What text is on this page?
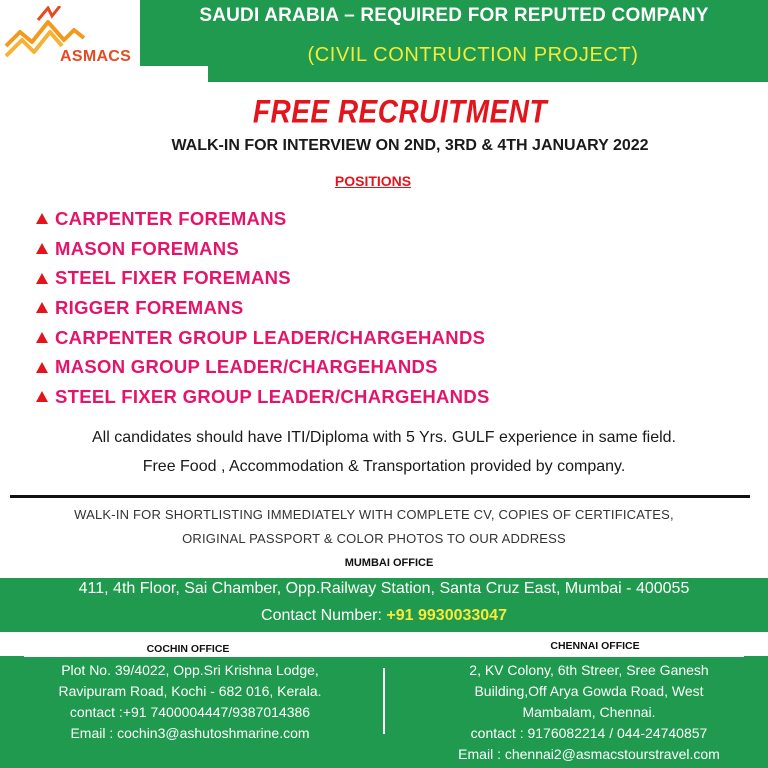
ASMACS
SAUDI ARABIA – REQUIRED FOR REPUTED COMPANY
(CIVIL CONTRUCTION PROJECT)
FREE RECRUITMENT
WALK-IN FOR INTERVIEW ON 2ND, 3RD & 4TH JANUARY 2022
POSITIONS
CARPENTER FOREMANS
MASON FOREMANS
STEEL FIXER FOREMANS
RIGGER FOREMANS
CARPENTER GROUP LEADER/CHARGEHANDS
MASON GROUP LEADER/CHARGEHANDS
STEEL FIXER GROUP LEADER/CHARGEHANDS
All candidates should have ITI/Diploma with 5 Yrs. GULF experience in same field.
Free Food , Accommodation & Transportation provided by company.
WALK-IN FOR SHORTLISTING IMMEDIATELY WITH COMPLETE CV, COPIES OF CERTIFICATES,
ORIGINAL PASSPORT & COLOR PHOTOS TO OUR ADDRESS
MUMBAI OFFICE
411, 4th Floor, Sai Chamber, Opp.Railway Station, Santa Cruz East, Mumbai - 400055
Contact Number: +91 9930033047
COCHIN OFFICE	CHENNAI OFFICE
Plot No. 39/4022, Opp.Sri Krishna Lodge,
Ravipuram Road, Kochi - 682 016, Kerala.
contact :+91 7400004447/9387014386
Email : cochin3@ashutoshmarine.com
2, KV Colony, 6th Streer, Sree Ganesh
Building,Off Arya Gowda Road, West
Mambalam, Chennai.
contact : 9176082214 / 044-24740857
Email : chennai2@asmacstourstravel.com
